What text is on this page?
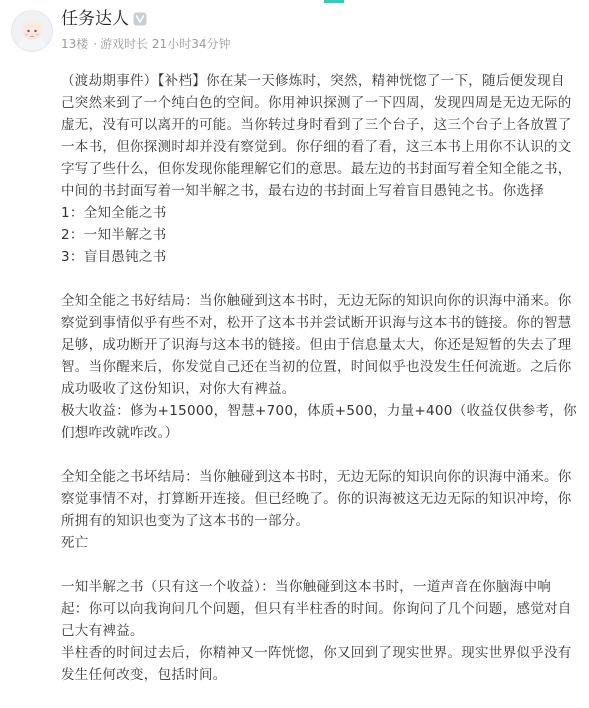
任务达人
13楼 · 游戏时长 21小时34分钟

（渡劫期事件）【补档】你在某一天修炼时，突然，精神恍惚了一下，随后便发现自己突然来到了一个纯白色的空间。你用神识探测了一下四周，发现四周是无边无际的虚无，没有可以离开的可能。当你转过身时看到了三个台子，这三个台子上各放置了一本书，但你探测时却并没有察觉到。你仔细的看了看，这三本书上用你不认识的文字写了些什么，但你发现你能理解它们的意思。最左边的书封面写着全知全能之书，中间的书封面写着一知半解之书，最右边的书封面上写着盲目愚钝之书。你选择

1：全知全能之书

2：一知半解之书

3：盲目愚钝之书

全知全能之书好结局：当你触碰到这本书时，无边无际的知识向你的识海中涌来。你察觉到事情似乎有些不对，松开了这本书并尝试断开识海与这本书的链接。你的智慧足够，成功断开了识海与这本书的链接。但由于信息量太大，你还是短暂的失去了理智。当你醒来后，你发觉自己还在当初的位置，时间似乎也没发生任何流逝。之后你成功吸收了这份知识，对你大有裨益。

极大收益：修为+15000，智慧+700，体质+500，力量+400（收益仅供参考，你们想咋改就咋改。）

全知全能之书坏结局：当你触碰到这本书时，无边无际的知识向你的识海中涌来。你察觉事情不对，打算断开连接。但已经晚了。你的识海被这无边无际的知识冲垮，你所拥有的知识也变为了这本书的一部分。

死亡

一知半解之书（只有这一个收益）：当你触碰到这本书时，一道声音在你脑海中响起：你可以向我询问几个问题，但只有半柱香的时间。你询问了几个问题，感觉对自己大有裨益。

半柱香的时间过去后，你精神又一阵恍惚，你又回到了现实世界。现实世界似乎没有发生任何改变，包括时间。
